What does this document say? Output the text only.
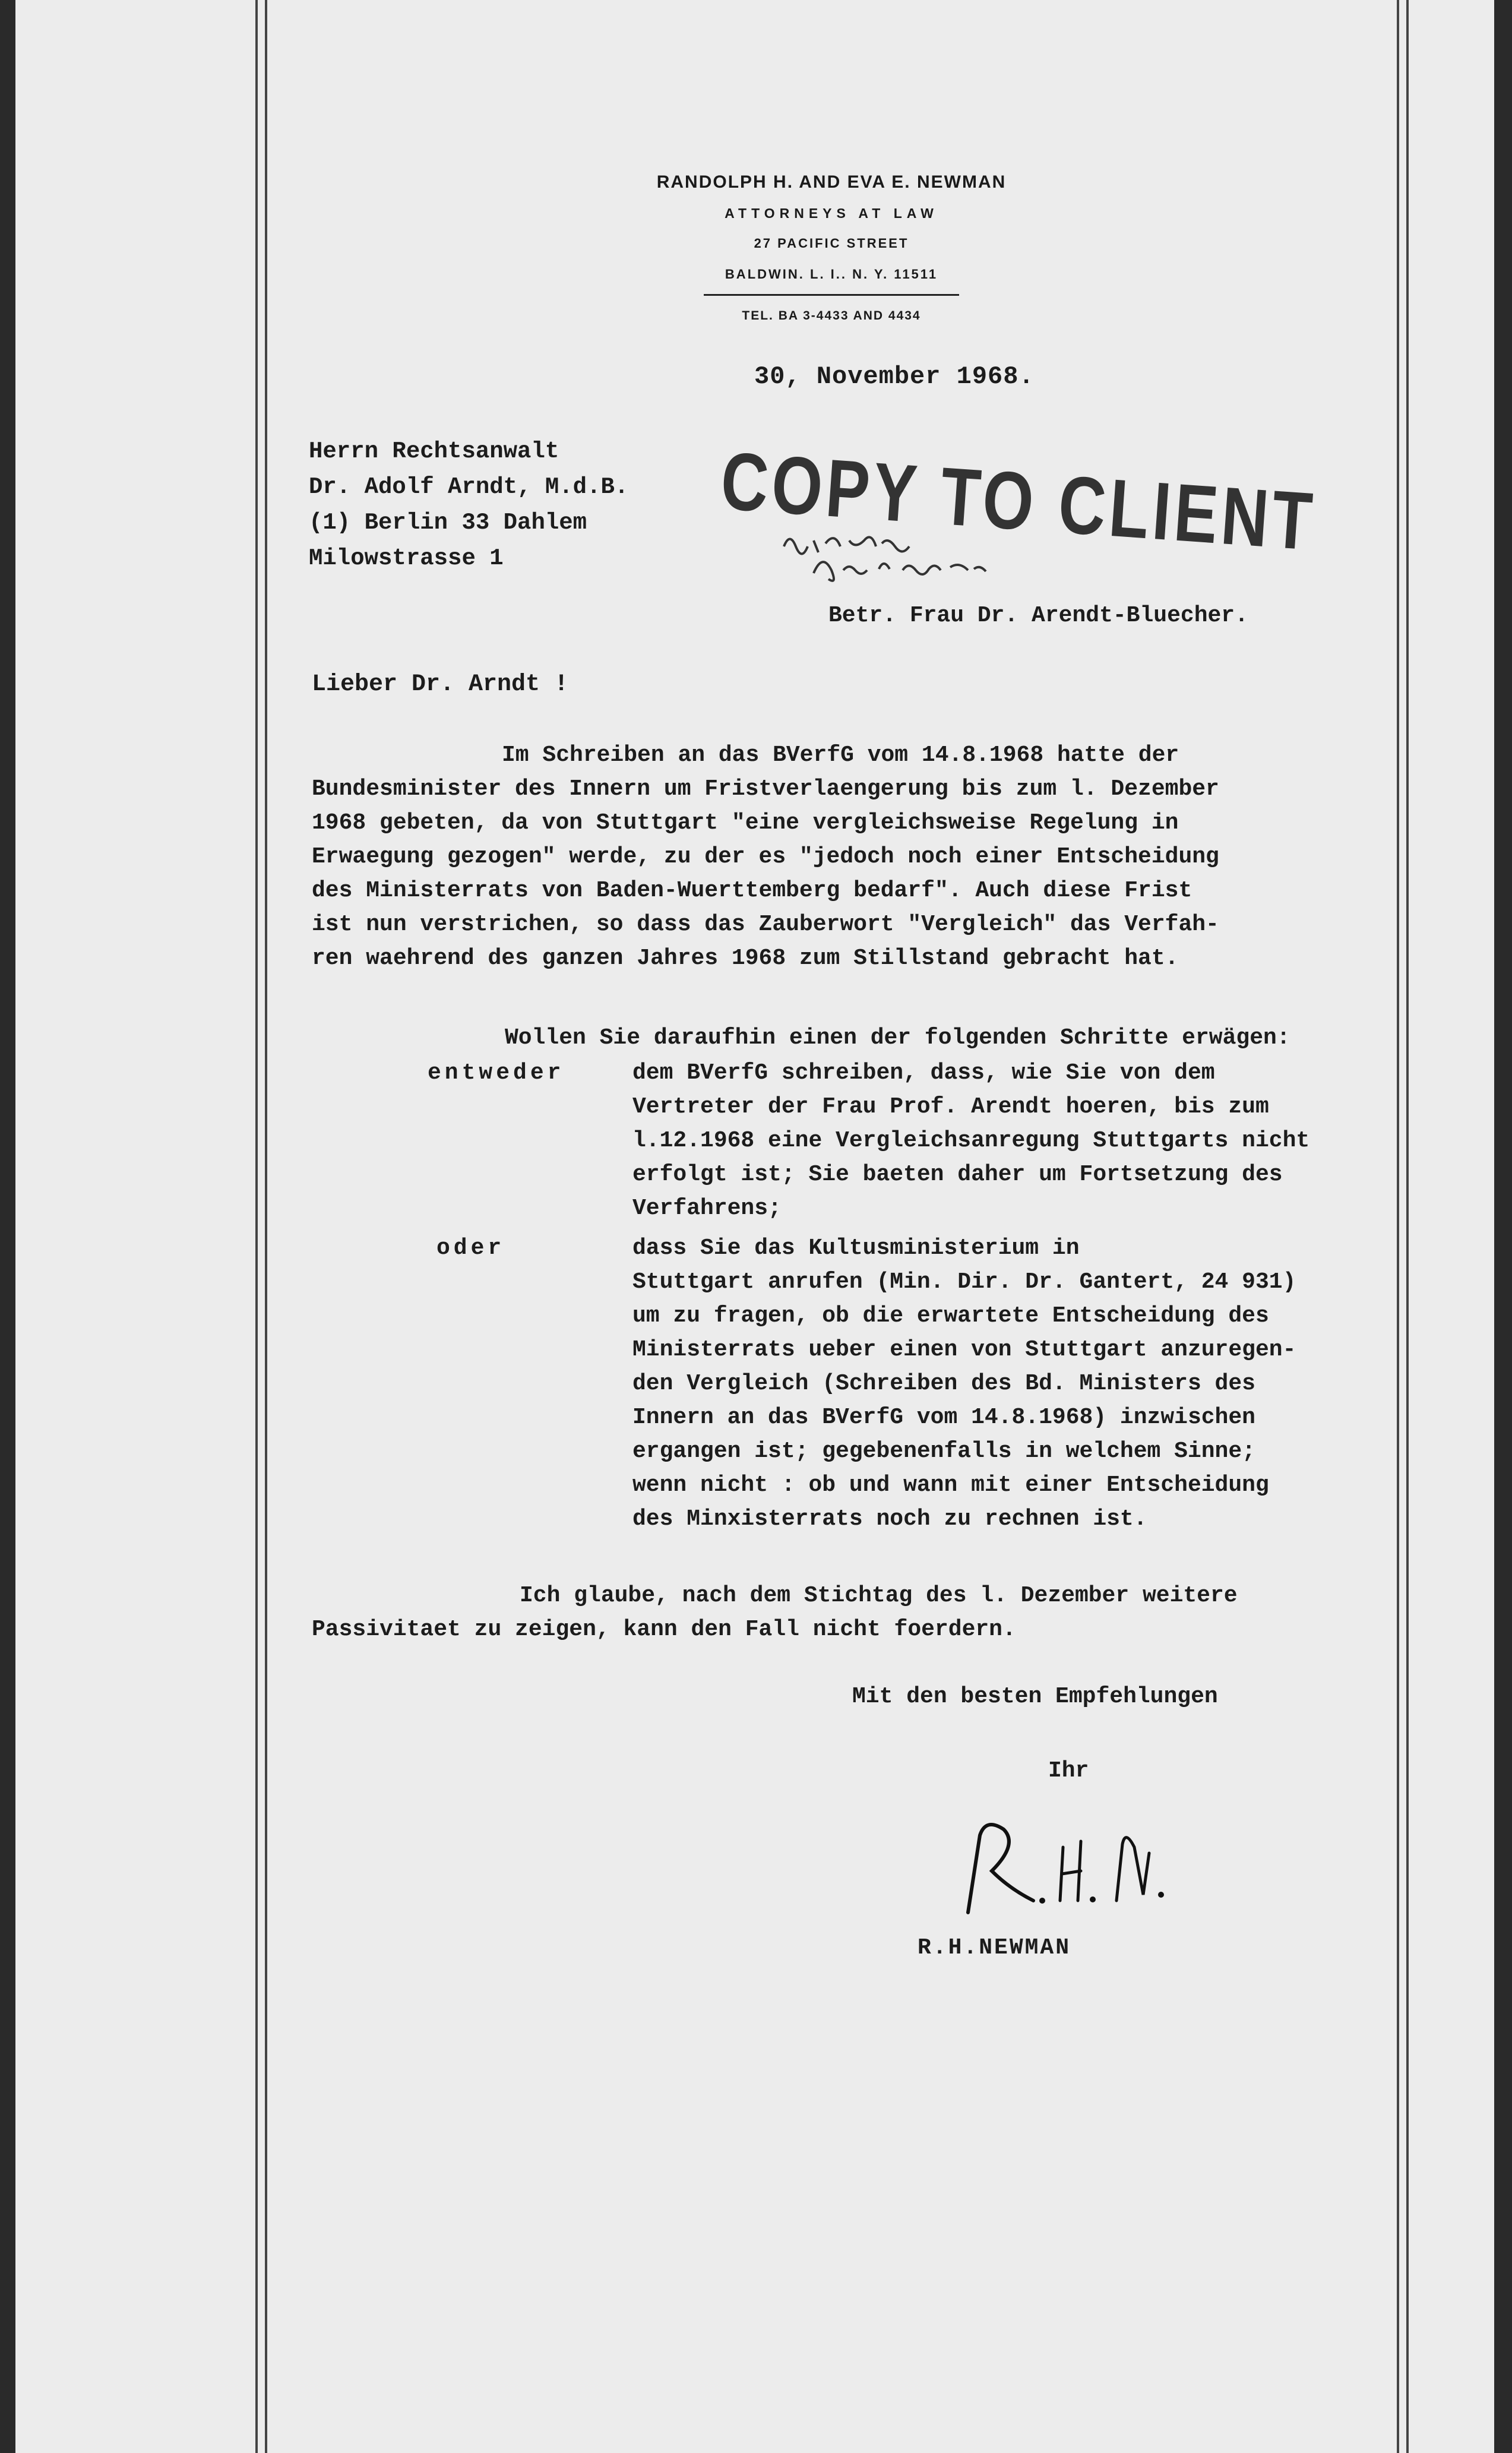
RANDOLPH H. AND EVA E. NEWMAN
ATTORNEYS AT LAW
27 PACIFIC STREET
BALDWIN. L. I.. N. Y. 11511
TEL. BA 3-4433 AND 4434
30, November 1968.
Herrn Rechtsanwalt
Dr. Adolf Arndt, M.d.B.
(1) Berlin 33 Dahlem
Milowstrasse 1	COPY TO CLIENT
Betr. Frau Dr. Arendt-Bluecher.
Lieber Dr. Arndt !
Im Schreiben an das BVerfG vom 14.8.1968 hatte der
Bundesminister des Innern um Fristverlaengerung bis zum l. Dezember
1968 gebeten, da von Stuttgart "eine vergleichsweise Regelung in
Erwaegung gezogen" werde, zu der es "jedoch noch einer Entscheidung
des Ministerrats von Baden-Wuerttemberg bedarf". Auch diese Frist
ist nun verstrichen, so dass das Zauberwort "Vergleich" das Verfah-
ren waehrend des ganzen Jahres 1968 zum Stillstand gebracht hat.
Wollen Sie daraufhin einen der folgenden Schritte erwägen:
entweder	dem BVerfG schreiben, dass, wie Sie von dem
Vertreter der Frau Prof. Arendt hoeren, bis zum
l.12.1968 eine Vergleichsanregung Stuttgarts nicht
erfolgt ist; Sie baeten daher um Fortsetzung des
Verfahrens;
oder	dass Sie das Kultusministerium in
Stuttgart anrufen (Min. Dir. Dr. Gantert, 24 931)
um zu fragen, ob die erwartete Entscheidung des
Ministerrats ueber einen von Stuttgart anzuregen-
den Vergleich (Schreiben des Bd. Ministers des
Innern an das BVerfG vom 14.8.1968) inzwischen
ergangen ist; gegebenenfalls in welchem Sinne;
wenn nicht : ob und wann mit einer Entscheidung
des Minxisterrats noch zu rechnen ist.
Ich glaube, nach dem Stichtag des l. Dezember weitere
Passivitaet zu zeigen, kann den Fall nicht foerdern.
Mit den besten Empfehlungen
Ihr
R.H.NEWMAN
